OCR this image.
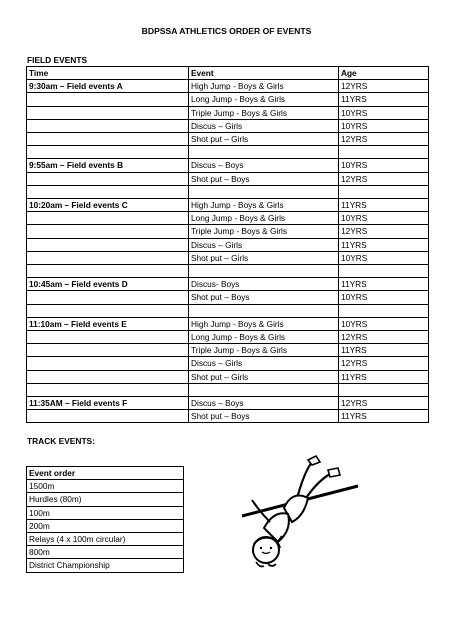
BDPSSA ATHLETICS ORDER OF EVENTS
FIELD EVENTS
Time	Event	Age
9:30am – Field events A	High Jump - Boys & Girls	12YRS
	Long Jump - Boys & Girls	11YRS
	Triple Jump - Boys & Girls	10YRS
	Discus – Girls	10YRS
	Shot put – Girls	12YRS

9:55am – Field events B	Discus – Boys	10YRS
	Shot put – Boys	12YRS

10:20am – Field events C	High Jump - Boys & Girls	11YRS
	Long Jump - Boys & Girls	10YRS
	Triple Jump - Boys & Girls	12YRS
	Discus – Girls	11YRS
	Shot put – Girls	10YRS

10:45am – Field events D	Discus- Boys	11YRS
	Shot put – Boys	10YRS

11:10am – Field events E	High Jump - Boys & Girls	10YRS
	Long Jump - Boys & Girls	12YRS
	Triple Jump - Boys & Girls	11YRS
	Discus – Girls	12YRS
	Shot put – Girls	11YRS

11:35AM – Field events F	Discus – Boys	12YRS
	Shot put – Boys	11YRS
TRACK EVENTS:
Event order
1500m
Hurdles (80m)
100m
200m
Relays (4 x 100m circular)
800m
District Championship
